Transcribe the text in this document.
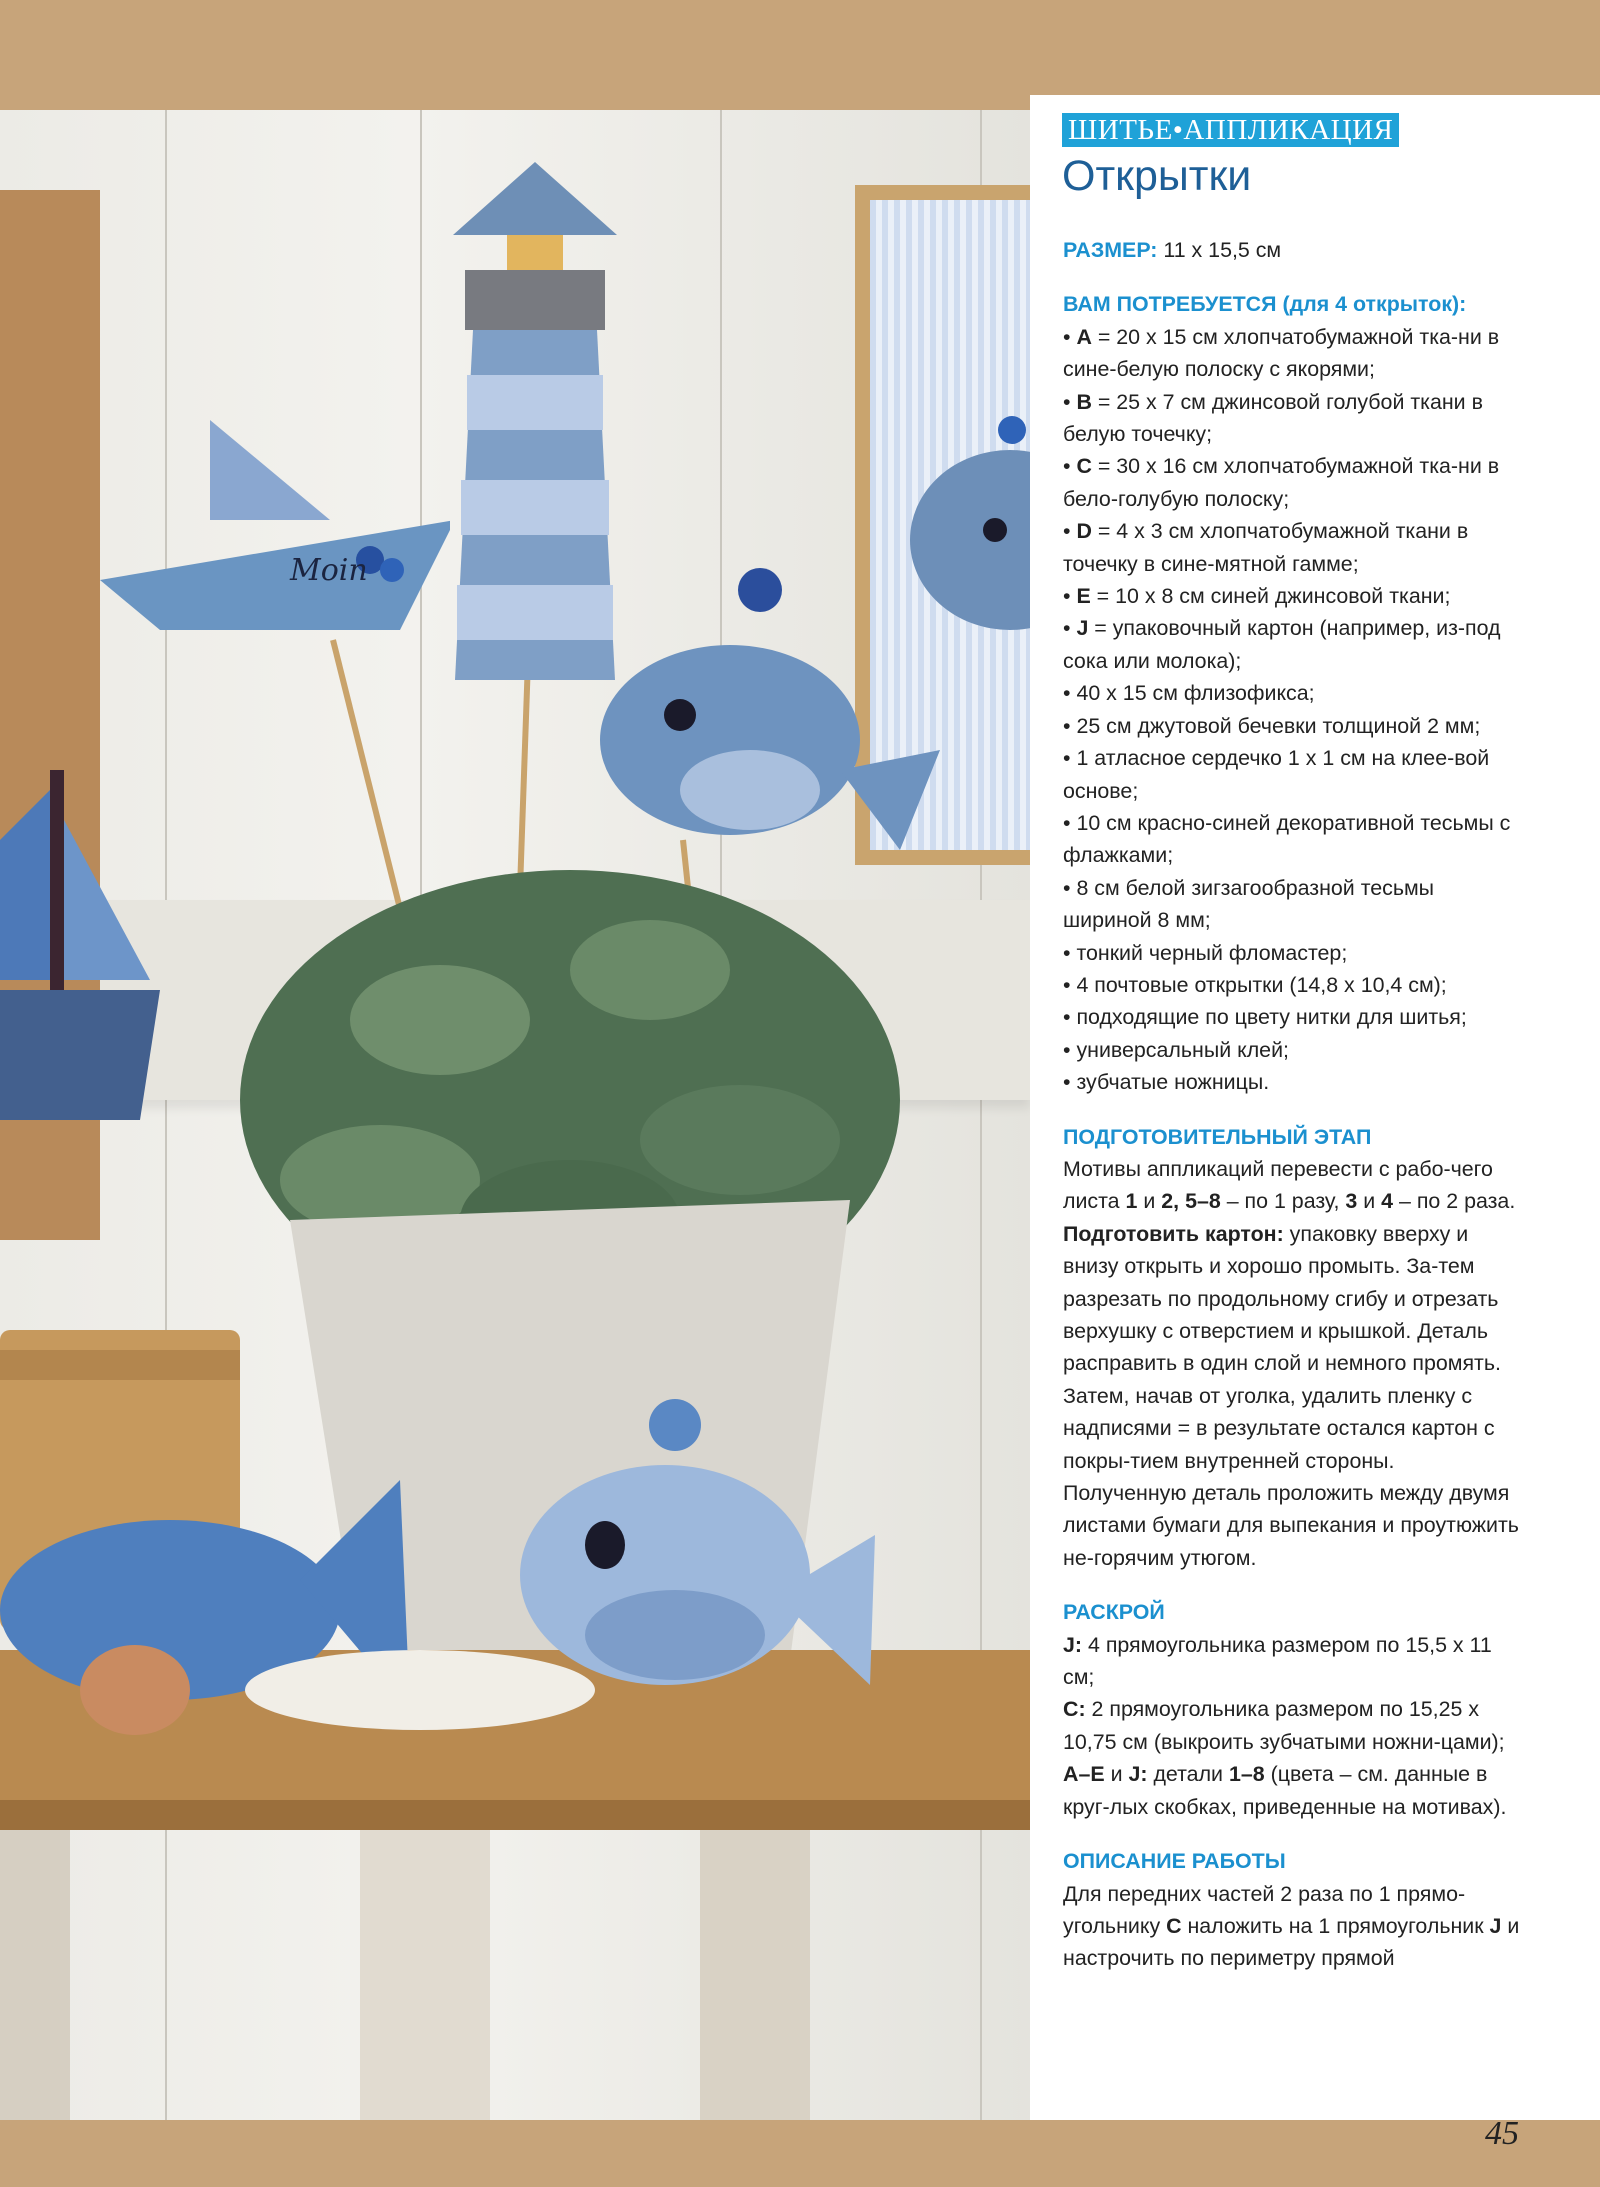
Moin
ШИТЬЕ•АППЛИКАЦИЯ
Открытки

РАЗМЕР: 11 х 15,5 см

ВАМ ПОТРЕБУЕТСЯ (для 4 открыток):

• А = 20 х 15 см хлопчатобумажной тка-ни в сине-белую полоску с якорями;

• B = 25 х 7 см джинсовой голубой ткани в белую точечку;

• C = 30 х 16 см хлопчатобумажной тка-ни в бело-голубую полоску;

• D = 4 х 3 см хлопчатобумажной ткани в точечку в сине-мятной гамме;

• E = 10 х 8 см синей джинсовой ткани;

• J = упаковочный картон (например, из-под сока или молока);

• 40 х 15 см флизофикса;

• 25 см джутовой бечевки толщиной 2 мм;

• 1 атласное сердечко 1 х 1 см на клее-вой основе;

• 10 см красно-синей декоративной тесьмы с флажками;

• 8 см белой зигзагообразной тесьмы шириной 8 мм;

• тонкий черный фломастер;

• 4 почтовые открытки (14,8 х 10,4 см);

• подходящие по цвету нитки для шитья;

• универсальный клей;

• зубчатые ножницы.

ПОДГОТОВИТЕЛЬНЫЙ ЭТАП

Мотивы аппликаций перевести с рабо-чего листа 1 и 2, 5–8 – по 1 разу, 3 и 4 – по 2 раза.

Подготовить картон: упаковку вверху и внизу открыть и хорошо промыть. За-тем разрезать по продольному сгибу и отрезать верхушку с отверстием и крышкой. Деталь расправить в один слой и немного промять. Затем, начав от уголка, удалить пленку с надписями = в результате остался картон с покры-тием внутренней стороны. Полученную деталь проложить между двумя листами бумаги для выпекания и проутюжить не-горячим утюгом.

РАСКРОЙ

J: 4 прямоугольника размером по 15,5 х 11 см;

C: 2 прямоугольника размером по 15,25 х 10,75 см (выкроить зубчатыми ножни-цами);

A–E и J: детали 1–8 (цвета – см. данные в круг-лых скобках, приведенные на мотивах).

ОПИСАНИЕ РАБОТЫ

Для передних частей 2 раза по 1 прямо-угольнику C наложить на 1 прямоугольник J и настрочить по периметру прямой

45
